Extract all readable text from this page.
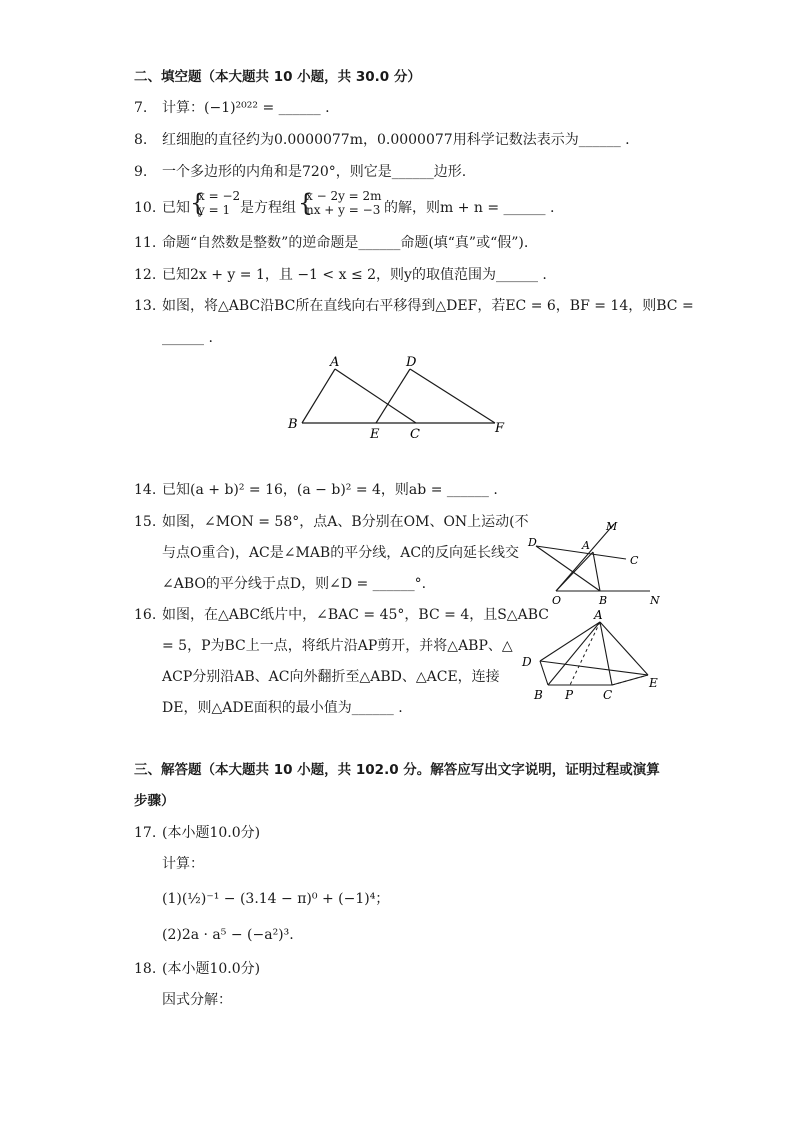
二、填空题（本大题共 10 小题，共 30.0 分）
7. 计算：(−1)²⁰²² = ______ .
8. 红细胞的直径约为0.0000077m，0.0000077用科学记数法表示为______ .
9. 一个多边形的内角和是720°，则它是______边形.
10. 已知 {
x = −2
y = 1 是方程组 {
x − 2y = 2m
nx + y = −3 的解，则m + n = ______ .
11. 命题“自然数是整数”的逆命题是______命题(填“真”或“假”).
12. 已知2x + y = 1，且 −1 < x ≤ 2，则y的取值范围为______ .
13. 如图，将△ABC沿BC所在直线向右平移得到△DEF，若EC = 6，BF = 14，则BC =
______ .
A	D
B
E C	F
14. 已知(a + b)² = 16，(a − b)² = 4，则ab = ______ .
15. 如图，∠MON = 58°，点A、B分别在OM、ON上运动(不
与点O重合)，AC是∠MAB的平分线，AC的反向延长线交
∠ABO的平分线于点D，则∠D = ______°.
M
A
C
D
O	B	N
16. 如图，在△ABC纸片中，∠BAC = 45°，BC = 4，且S△ABC
= 5，P为BC上一点，将纸片沿AP剪开，并将△ABP、△
ACP分别沿AB、AC向外翻折至△ABD、△ACE，连接
DE，则△ADE面积的最小值为______ .
A
D
E
B P C
三、解答题（本大题共 10 小题，共 102.0 分。解答应写出文字说明，证明过程或演算
步骤）
17. (本小题10.0分)
计算：
(1)(½)⁻¹ − (3.14 − π)⁰ + (−1)⁴；
(2)2a · a⁵ − (−a²)³.
18. (本小题10.0分)
因式分解：
